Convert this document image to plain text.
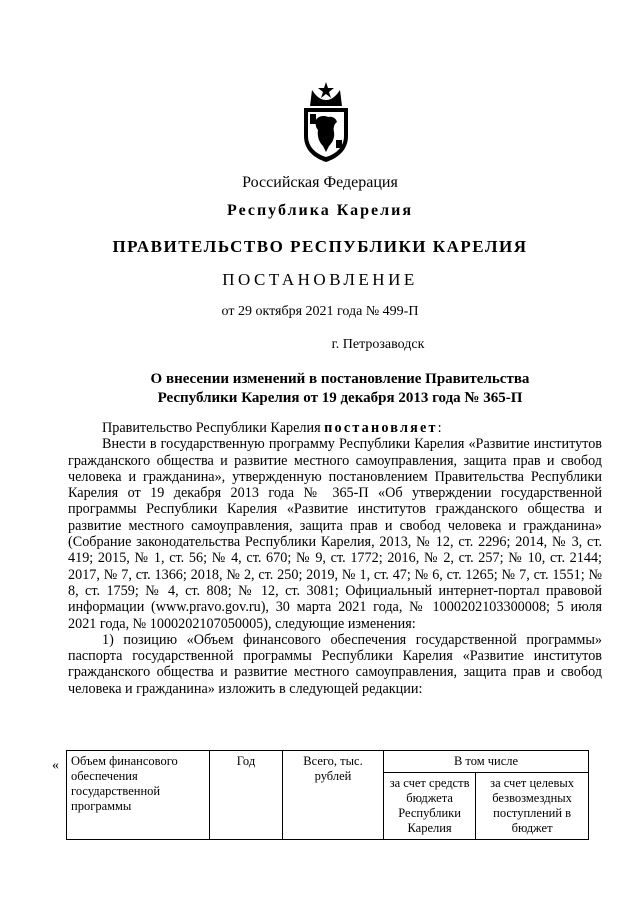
Российская Федерация
Республика Карелия
ПРАВИТЕЛЬСТВО РЕСПУБЛИКИ КАРЕЛИЯ
ПОСТАНОВЛЕНИЕ
от 29 октября 2021 года № 499-П
г. Петрозаводск
О внесении изменений в постановление Правительства
Республики Карелия от 19 декабря 2013 года № 365-П

Правительство Республики Карелия постановляет:

Внести в государственную программу Республики Карелия «Развитие институтов гражданского общества и развитие местного самоуправления, защита прав и свобод человека и гражданина», утвержденную постановлением Правительства Республики Карелия от 19 декабря 2013 года № 365-П «Об утверждении государственной программы Республики Карелия «Развитие институтов гражданского общества и развитие местного самоуправления, защита прав и свобод человека и гражданина» (Собрание законодательства Республики Карелия, 2013, № 12, ст. 2296; 2014, № 3, ст. 419; 2015, № 1, ст. 56; № 4, ст. 670; № 9, ст. 1772; 2016, № 2, ст. 257; № 10, ст. 2144; 2017, № 7, ст. 1366; 2018, № 2, ст. 250; 2019, № 1, ст. 47; № 6, ст. 1265; № 7, ст. 1551; № 8, ст. 1759; № 4, ст. 808; № 12, ст. 3081; Официальный интернет-портал правовой информации (www.pravo.gov.ru), 30 марта 2021 года, № 1000202103300008; 5 июля 2021 года, № 1000202107050005), следующие изменения:

1) позицию «Объем финансового обеспечения государственной программы» паспорта государственной программы Республики Карелия «Развитие институтов гражданского общества и развитие местного самоуправления, защита прав и свобод человека и гражданина» изложить в следующей редакции:

« Объем финансового обеспечения государственной программы	Год	Всего, тыс. рублей	В том числе	
			за счет средств бюджета Республики Карелия	за счет целевых безвозмездных поступлений в бюджет
